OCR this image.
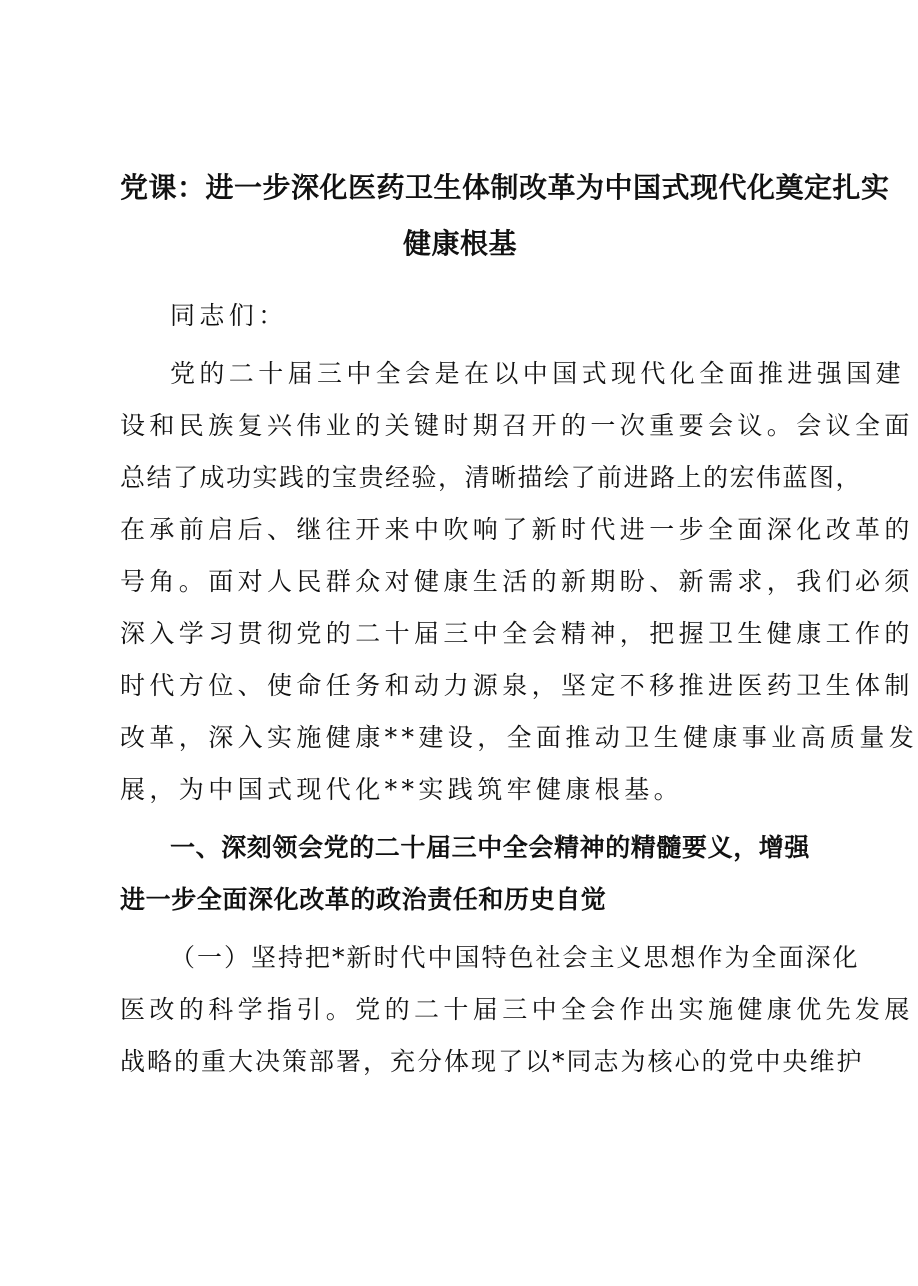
党课：进一步深化医药卫生体制改革为中国式现代化奠定扎实
健康根基

同志们：

党的二十届三中全会是在以中国式现代化全面推进强国建
设和民族复兴伟业的关键时期召开的一次重要会议。会议全面
总结了成功实践的宝贵经验，清晰描绘了前进路上的宏伟蓝图，
在承前启后、继往开来中吹响了新时代进一步全面深化改革的
号角。面对人民群众对健康生活的新期盼、新需求，我们必须
深入学习贯彻党的二十届三中全会精神，把握卫生健康工作的
时代方位、使命任务和动力源泉，坚定不移推进医药卫生体制
改革，深入实施健康**建设，全面推动卫生健康事业高质量发
展，为中国式现代化**实践筑牢健康根基。

一、深刻领会党的二十届三中全会精神的精髓要义，增强
进一步全面深化改革的政治责任和历史自觉

（一）坚持把*新时代中国特色社会主义思想作为全面深化
医改的科学指引。党的二十届三中全会作出实施健康优先发展
战略的重大决策部署，充分体现了以*同志为核心的党中央维护
